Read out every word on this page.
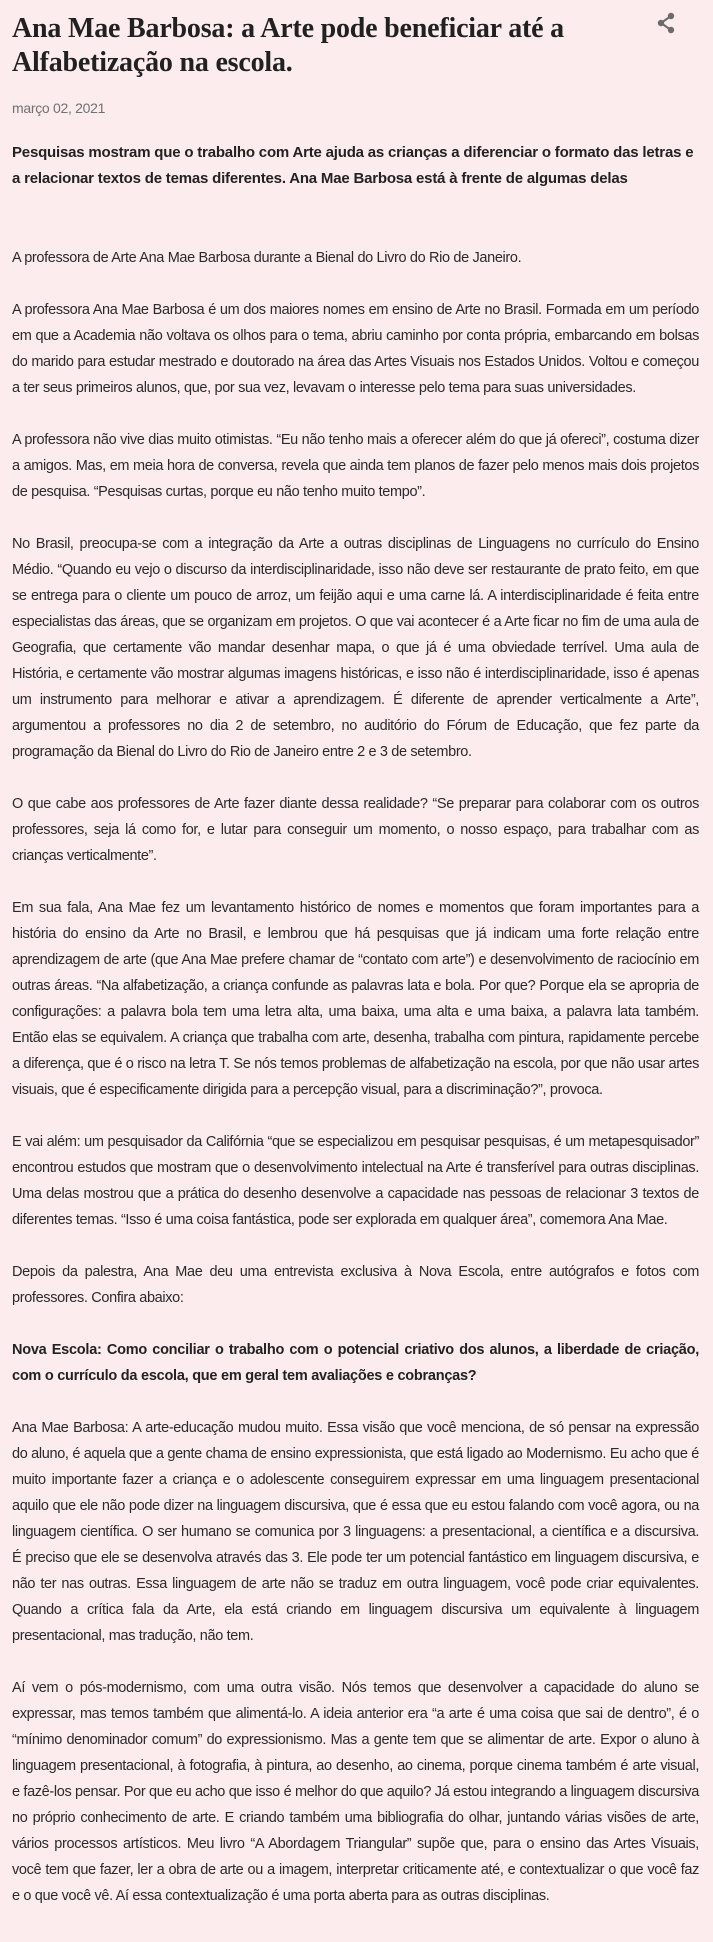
Ana Mae Barbosa: a Arte pode beneficiar até a Alfabetização na escola.

março 02, 2021

Pesquisas mostram que o trabalho com Arte ajuda as crianças a diferenciar o formato das letras e a relacionar textos de temas diferentes. Ana Mae Barbosa está à frente de algumas delas

A professora de Arte Ana Mae Barbosa durante a Bienal do Livro do Rio de Janeiro.

A professora Ana Mae Barbosa é um dos maiores nomes em ensino de Arte no Brasil. Formada em um período em que a Academia não voltava os olhos para o tema, abriu caminho por conta própria, embarcando em bolsas do marido para estudar mestrado e doutorado na área das Artes Visuais nos Estados Unidos. Voltou e começou a ter seus primeiros alunos, que, por sua vez, levavam o interesse pelo tema para suas universidades.

A professora não vive dias muito otimistas. “Eu não tenho mais a oferecer além do que já ofereci”, costuma dizer a amigos. Mas, em meia hora de conversa, revela que ainda tem planos de fazer pelo menos mais dois projetos de pesquisa. “Pesquisas curtas, porque eu não tenho muito tempo”.

No Brasil, preocupa-se com a integração da Arte a outras disciplinas de Linguagens no currículo do Ensino Médio. “Quando eu vejo o discurso da interdisciplinaridade, isso não deve ser restaurante de prato feito, em que se entrega para o cliente um pouco de arroz, um feijão aqui e uma carne lá. A interdisciplinaridade é feita entre especialistas das áreas, que se organizam em projetos. O que vai acontecer é a Arte ficar no fim de uma aula de Geografia, que certamente vão mandar desenhar mapa, o que já é uma obviedade terrível. Uma aula de História, e certamente vão mostrar algumas imagens históricas, e isso não é interdisciplinaridade, isso é apenas um instrumento para melhorar e ativar a aprendizagem. É diferente de aprender verticalmente a Arte”, argumentou a professores no dia 2 de setembro, no auditório do Fórum de Educação, que fez parte da programação da Bienal do Livro do Rio de Janeiro entre 2 e 3 de setembro.

O que cabe aos professores de Arte fazer diante dessa realidade? “Se preparar para colaborar com os outros professores, seja lá como for, e lutar para conseguir um momento, o nosso espaço, para trabalhar com as crianças verticalmente”.

Em sua fala, Ana Mae fez um levantamento histórico de nomes e momentos que foram importantes para a história do ensino da Arte no Brasil, e lembrou que há pesquisas que já indicam uma forte relação entre aprendizagem de arte (que Ana Mae prefere chamar de “contato com arte”) e desenvolvimento de raciocínio em outras áreas. “Na alfabetização, a criança confunde as palavras lata e bola. Por que? Porque ela se apropria de configurações: a palavra bola tem uma letra alta, uma baixa, uma alta e uma baixa, a palavra lata também. Então elas se equivalem. A criança que trabalha com arte, desenha, trabalha com pintura, rapidamente percebe a diferença, que é o risco na letra T. Se nós temos problemas de alfabetização na escola, por que não usar artes visuais, que é especificamente dirigida para a percepção visual, para a discriminação?”, provoca.

E vai além: um pesquisador da Califórnia “que se especializou em pesquisar pesquisas, é um metapesquisador” encontrou estudos que mostram que o desenvolvimento intelectual na Arte é transferível para outras disciplinas. Uma delas mostrou que a prática do desenho desenvolve a capacidade nas pessoas de relacionar 3 textos de diferentes temas. “Isso é uma coisa fantástica, pode ser explorada em qualquer área”, comemora Ana Mae.

Depois da palestra, Ana Mae deu uma entrevista exclusiva à Nova Escola, entre autógrafos e fotos com professores. Confira abaixo:

Nova Escola: Como conciliar o trabalho com o potencial criativo dos alunos, a liberdade de criação, com o currículo da escola, que em geral tem avaliações e cobranças?

Ana Mae Barbosa: A arte-educação mudou muito. Essa visão que você menciona, de só pensar na expressão do aluno, é aquela que a gente chama de ensino expressionista, que está ligado ao Modernismo. Eu acho que é muito importante fazer a criança e o adolescente conseguirem expressar em uma linguagem presentacional aquilo que ele não pode dizer na linguagem discursiva, que é essa que eu estou falando com você agora, ou na linguagem científica. O ser humano se comunica por 3 linguagens: a presentacional, a científica e a discursiva. É preciso que ele se desenvolva através das 3. Ele pode ter um potencial fantástico em linguagem discursiva, e não ter nas outras. Essa linguagem de arte não se traduz em outra linguagem, você pode criar equivalentes. Quando a crítica fala da Arte, ela está criando em linguagem discursiva um equivalente à linguagem presentacional, mas tradução, não tem.

Aí vem o pós-modernismo, com uma outra visão. Nós temos que desenvolver a capacidade do aluno se expressar, mas temos também que alimentá-lo. A ideia anterior era “a arte é uma coisa que sai de dentro”, é o “mínimo denominador comum” do expressionismo. Mas a gente tem que se alimentar de arte. Expor o aluno à linguagem presentacional, à fotografia, à pintura, ao desenho, ao cinema, porque cinema também é arte visual, e fazê-los pensar. Por que eu acho que isso é melhor do que aquilo? Já estou integrando a linguagem discursiva no próprio conhecimento de arte. E criando também uma bibliografia do olhar, juntando várias visões de arte, vários processos artísticos. Meu livro “A Abordagem Triangular” supõe que, para o ensino das Artes Visuais, você tem que fazer, ler a obra de arte ou a imagem, interpretar criticamente até, e contextualizar o que você faz e o que você vê. Aí essa contextualização é uma porta aberta para as outras disciplinas.
